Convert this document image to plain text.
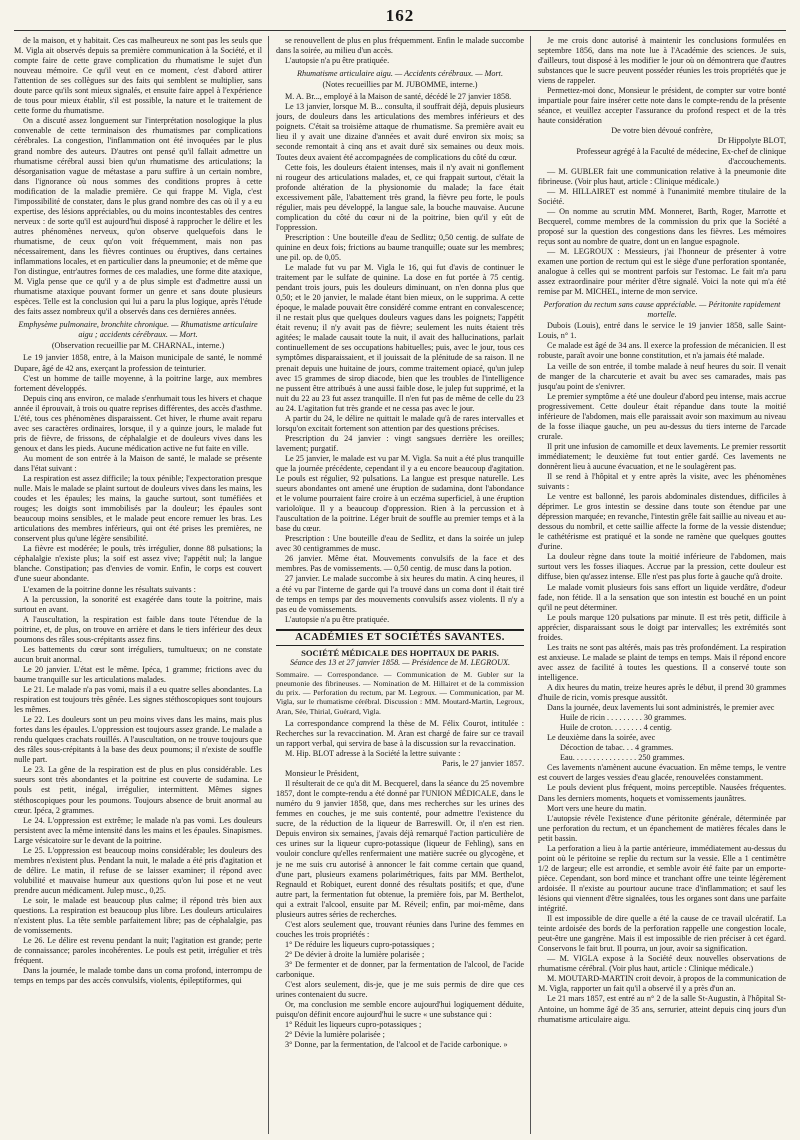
162

de la maison, et y habitait. Ces cas malheureux ne sont pas les seuls que M. Vigla ait observés depuis sa première communication à la Société, et il compte faire de cette grave complication du rhumatisme le sujet d'un nouveau mémoire. Ce qu'il veut en ce moment, c'est d'abord attirer l'attention de ses collègues sur des faits qui semblent se multiplier, sans doute parce qu'ils sont mieux signalés, et ensuite faire appel à l'expérience de tous pour mieux établir, s'il est possible, la nature et le traitement de cette forme du rhumatisme.

On a discuté assez longuement sur l'interprétation nosologique la plus convenable de cette terminaison des rhumatismes par complications cérébrales. La congestion, l'inflammation ont été invoquées par le plus grand nombre des auteurs. D'autres ont pensé qu'il fallait admettre un rhumatisme cérébral aussi bien qu'un rhumatisme des articulations; la désorganisation vague de métastase a paru suffire à un certain nombre, dans l'ignorance où nous sommes des conditions propres à cette modification de la maladie première. Ce qui frappe M. Vigla, c'est l'impossibilité de constater, dans le plus grand nombre des cas où il y a eu expertise, des lésions appréciables, ou du moins incontestables des centres nerveux : de sorte qu'il est aujourd'hui disposé à rapprocher le délire et les autres phénomènes nerveux, qu'on observe quelquefois dans le rhumatisme, de ceux qu'on voit fréquemment, mais non pas nécessairement, dans les fièvres continues ou éruptives, dans certaines inflammations locales, et en particulier dans la pneumonie; et de même que l'on distingue, entr'autres formes de ces maladies, une forme dite ataxique, M. Vigla pense que ce qu'il y a de plus simple est d'admettre aussi un rhumatisme ataxique pouvant former un genre et sans doute plusieurs espèces. Telle est la conclusion qui lui a paru la plus logique, après l'étude des faits assez nombreux qu'il a observés dans ces dernières années.

Emphysème pulmonaire, bronchite chronique. — Rhumatisme articulaire aigu ; accidents cérébraux. — Mort.

(Observation recueillie par M. CHARNAL, interne.)

Le 19 janvier 1858, entre, à la Maison municipale de santé, le nommé Dupare, âgé de 42 ans, exerçant la profession de teinturier.

C'est un homme de taille moyenne, à la poitrine large, aux membres fortement développés.

Depuis cinq ans environ, ce malade s'enrhumait tous les hivers et chaque année il éprouvait, à trois ou quatre reprises différentes, des accès d'asthme. L'été, tous ces phénomènes disparaissent. Cet hiver, le rhume avait reparu avec ses caractères ordinaires, lorsque, il y a quinze jours, le malade fut pris de fièvre, de frissons, de céphalalgie et de douleurs vives dans les genoux et dans les pieds. Aucune médication active ne fut faite en ville.

Au moment de son entrée à la Maison de santé, le malade se présente dans l'état suivant :

La respiration est assez difficile; la toux pénible; l'expectoration presque nulle. Mais le malade se plaint surtout de douleurs vives dans les mains, les coudes et les épaules; les mains, la gauche surtout, sont tuméfiées et rouges; les doigts sont immobilisés par la douleur; les épaules sont beaucoup moins sensibles, et le malade peut encore remuer les bras. Les articulations des membres inférieurs, qui ont été prises les premières, ne conservent plus qu'une légère sensibilité.

La fièvre est modérée; le pouls, très irrégulier, donne 88 pulsations; la céphalalgie n'existe plus; la soif est assez vive; l'appétit nul; la langue blanche. Constipation; pas d'envies de vomir. Enfin, le corps est couvert d'une sueur abondante.

L'examen de la poitrine donne les résultats suivants :

A la percussion, la sonorité est exagérée dans toute la poitrine, mais surtout en avant.

A l'auscultation, la respiration est faible dans toute l'étendue de la poitrine, et, de plus, on trouve en arrière et dans le tiers inférieur des deux poumons des râles sous-crépitants assez fins.

Les battements du cœur sont irréguliers, tumultueux; on ne constate aucun bruit anormal.

Le 20 janvier. L'état est le même. Ipéca, 1 gramme; frictions avec du baume tranquille sur les articulations malades.

Le 21. Le malade n'a pas vomi, mais il a eu quatre selles abondantes. La respiration est toujours très gênée. Les signes stéthoscopiques sont toujours les mêmes.

Le 22. Les douleurs sont un peu moins vives dans les mains, mais plus fortes dans les épaules. L'oppression est toujours assez grande. Le malade a rendu quelques crachats rouillés. A l'auscultation, on ne trouve toujours que des râles sous-crépitants à la base des deux poumons; il n'existe de souffle nulle part.

Le 23. La gêne de la respiration est de plus en plus considérable. Les sueurs sont très abondantes et la poitrine est couverte de sudamina. Le pouls est petit, inégal, irrégulier, intermittent. Mêmes signes stéthoscopiques pour les poumons. Toujours absence de bruit anormal au cœur. Ipéca, 2 grammes.

Le 24. L'oppression est extrême; le malade n'a pas vomi. Les douleurs persistent avec la même intensité dans les mains et les épaules. Sinapismes. Large vésicatoire sur le devant de la poitrine.

Le 25. L'oppression est beaucoup moins considérable; les douleurs des membres n'existent plus. Pendant la nuit, le malade a été pris d'agitation et de délire. Le matin, il refuse de se laisser examiner; il répond avec volubilité et mauvaise humeur aux questions qu'on lui pose et ne veut prendre aucun médicament. Julep musc., 0,25.

Le soir, le malade est beaucoup plus calme; il répond très bien aux questions. La respiration est beaucoup plus libre. Les douleurs articulaires n'existent plus. La tête semble parfaitement libre; pas de céphalalgie, pas de vomissements.

Le 26. Le délire est revenu pendant la nuit; l'agitation est grande; perte de connaissance; paroles incohérentes. Le pouls est petit, irrégulier et très fréquent.

Dans la journée, le malade tombe dans un coma profond, interrompu de temps en temps par des accès convulsifs, violents, épileptiformes, qui

se renouvellent de plus en plus fréquemment. Enfin le malade succombe dans la soirée, au milieu d'un accès.

L'autopsie n'a pu être pratiquée.

Rhumatisme articulaire aigu. — Accidents cérébraux. — Mort.

(Notes recueillies par M. JUBOMME, interne.)

M. A. Br..., employé à la Maison de santé, décédé le 27 janvier 1858.

Le 13 janvier, lorsque M. B... consulta, il souffrait déjà, depuis plusieurs jours, de douleurs dans les articulations des membres inférieurs et des poignets. C'était sa troisième attaque de rhumatisme. Sa première avait eu lieu il y avait une dizaine d'années et avait duré environ six mois; sa seconde remontait à cinq ans et avait duré six semaines ou deux mois. Toutes deux avaient été accompagnées de complications du côté du cœur.

Cette fois, les douleurs étaient intenses, mais il n'y avait ni gonflement ni rougeur des articulations malades, et, ce qui frappait surtout, c'était la profonde altération de la physionomie du malade; la face était excessivement pâle, l'abattement très grand, la fièvre peu forte, le pouls régulier, mais peu développé, la langue sale, la bouche mauvaise. Aucune complication du côté du cœur ni de la poitrine, bien qu'il y eût de l'oppression.

Prescription : Une bouteille d'eau de Sedlitz; 0,50 centig. de sulfate de quinine en deux fois; frictions au baume tranquille; ouate sur les membres; une pil. op. de 0,05.

Le malade fut vu par M. Vigla le 16, qui fut d'avis de continuer le traitement par le sulfate de quinine. La dose en fut portée à 75 centig. pendant trois jours, puis les douleurs diminuant, on n'en donna plus que 0,50; et le 20 janvier, le malade étant bien mieux, on le supprima. A cette époque, le malade pouvait être considéré comme entrant en convalescence; il ne restait plus que quelques douleurs vagues dans les poignets; l'appétit était revenu; il n'y avait pas de fièvre; seulement les nuits étaient très agitées; le malade causait toute la nuit, il avait des hallucinations, parlait continuellement de ses occupations habituelles; puis, avec le jour, tous ces symptômes disparaissaient, et il jouissait de la plénitude de sa raison. Il ne prenait depuis une huitaine de jours, comme traitement opiacé, qu'un julep avec 15 grammes de sirop diacode, bien que les troubles de l'intelligence ne pussent être attribués à une aussi faible dose, le julep fut supprimé, et la nuit du 22 au 23 fut assez tranquille. Il n'en fut pas de même de celle du 23 au 24. L'agitation fut très grande et ne cessa pas avec le jour.

A partir du 24, le délire ne quittait le malade qu'à de rares intervalles et lorsqu'on excitait fortement son attention par des questions précises.

Prescription du 24 janvier : vingt sangsues derrière les oreilles; lavement; purgatif.

Le 25 janvier, le malade est vu par M. Vigla. Sa nuit a été plus tranquille que la journée précédente, cependant il y a eu encore beaucoup d'agitation. Le pouls est régulier, 92 pulsations. La langue est presque naturelle. Les sueurs abondantes ont amené une éruption de sudamina, dont l'abondance et le volume pourraient faire croire à un eczéma superficiel, à une éruption varioloïque. Il y a beaucoup d'oppression. Rien à la percussion et à l'auscultation de la poitrine. Léger bruit de souffle au premier temps et à la base du cœur.

Prescription : Une bouteille d'eau de Sedlitz, et dans la soirée un julep avec 30 centigrammes de musc.

26 janvier. Même état. Mouvements convulsifs de la face et des membres. Pas de vomissements. — 0,50 centig. de musc dans la potion.

27 janvier. Le malade succombe à six heures du matin. A cinq heures, il a été vu par l'interne de garde qui l'a trouvé dans un coma dont il était tiré de temps en temps par des mouvements convulsifs assez violents. Il n'y a pas eu de vomissements.

L'autopsie n'a pu être pratiquée.

ACADÉMIES ET SOCIÉTÉS SAVANTES.

SOCIÉTÉ MÉDICALE DES HOPITAUX DE PARIS.

Séance des 13 et 27 janvier 1858. — Présidence de M. LEGROUX.

Sommaire. — Correspondance. — Communication de M. Gubler sur la pneumonie des fibrineuses. — Nomination de M. Hillairet et de la commission du prix. — Perforation du rectum, par M. Legroux. — Communication, par M. Vigla, sur le rhumatisme cérébral. Discussion : MM. Moutard-Martin, Legroux, Aran, Sée, Thirial, Guérard, Vigla.

La correspondance comprend la thèse de M. Félix Courot, intitulée : Recherches sur la revaccination. M. Aran est chargé de faire sur ce travail un rapport verbal, qui servira de base à la discussion sur la revaccination.

M. Hip. BLOT adresse à la Société la lettre suivante :

Paris, le 27 janvier 1857.

Monsieur le Président,

Il résulterait de ce qu'a dit M. Becquerel, dans la séance du 25 novembre 1857, dont le compte-rendu a été donné par l'UNION MÉDICALE, dans le numéro du 9 janvier 1858, que, dans mes recherches sur les urines des femmes en couches, je me suis contenté, pour admettre l'existence du sucre, de la réduction de la liqueur de Barreswill. Or, il n'en est rien. Depuis environ six semaines, j'avais déjà remarqué l'action particulière de ces urines sur la liqueur cupro-potassique (liqueur de Fehling), sans en vouloir conclure qu'elles renfermaient une matière sucrée ou glycogène, et je ne me suis cru autorisé à annoncer le fait comme certain que quand, d'une part, plusieurs examens polarimétriques, faits par MM. Berthelot, Regnauld et Robiquet, eurent donné des résultats positifs; et que, d'une autre part, la fermentation fut obtenue, la première fois, par M. Berthelot, qui a extrait l'alcool, ensuite par M. Réveil; enfin, par moi-même, dans plusieurs autres séries de recherches.

C'est alors seulement que, trouvant réunies dans l'urine des femmes en couches les trois propriétés :

1° De réduire les liqueurs cupro-potassiques ;

2° De dévier à droite la lumière polarisée ;

3° De fermenter et de donner, par la fermentation de l'alcool, de l'acide carbonique.

C'est alors seulement, dis-je, que je me suis permis de dire que ces urines contenaient du sucre.

Or, ma conclusion me semble encore aujourd'hui logiquement déduite, puisqu'on définit encore aujourd'hui le sucre « une substance qui :

1° Réduit les liqueurs cupro-potassiques ;

2° Dévie la lumière polarisée ;

3° Donne, par la fermentation, de l'alcool et de l'acide carbonique. »

Je me crois donc autorisé à maintenir les conclusions formulées en septembre 1856, dans ma note lue à l'Académie des sciences. Je suis, d'ailleurs, tout disposé à les modifier le jour où on démontrera que d'autres substances que le sucre peuvent posséder réunies les trois propriétés que je viens de rappeler.

Permettez-moi donc, Monsieur le président, de compter sur votre bonté impartiale pour faire insérer cette note dans le compte-rendu de la présente séance, et veuillez accepter l'assurance du profond respect et de la très haute considération

De votre bien dévoué confrère,

Dr Hippolyte BLOT,

Professeur agrégé à la Faculté de médecine, Ex-chef de clinique d'accouchements.

— M. GUBLER fait une communication relative à la pneumonie dite fibrineuse. (Voir plus haut, article : Clinique médicale.)

— M. HILLAIRET est nommé à l'unanimité membre titulaire de la Société.

— On nomme au scrutin MM. Monneret, Barth, Roger, Marrotte et Becquerel, comme membres de la commission du prix que la Société a proposé sur la question des congestions dans les fièvres. Les mémoires reçus sont au nombre de quatre, dont un en langue espagnole.

— M. LEGROUX : Messieurs, j'ai l'honneur de présenter à votre examen une portion de rectum qui est le siège d'une perforation spontanée, analogue à celles qui se montrent parfois sur l'estomac. Le fait m'a paru assez extraordinaire pour mériter d'être signalé. Voici la note qui m'a été remise par M. MICHEL, interne de mon service.

Perforation du rectum sans cause appréciable. — Péritonite rapidement mortelle.

Dubois (Louis), entré dans le service le 19 janvier 1858, salle Saint-Louis, n° 1.

Ce malade est âgé de 34 ans. Il exerce la profession de mécanicien. Il est robuste, paraît avoir une bonne constitution, et n'a jamais été malade.

La veille de son entrée, il tombe malade à neuf heures du soir. Il venait de manger de la charcuterie et avait bu avec ses camarades, mais pas jusqu'au point de s'enivrer.

Le premier symptôme a été une douleur d'abord peu intense, mais accrue progressivement. Cette douleur était répandue dans toute la moitié inférieure de l'abdomen, mais elle paraissait avoir son maximum au niveau de la fosse iliaque gauche, un peu au-dessus du tiers interne de l'arcade crurale.

Il prit une infusion de camomille et deux lavements. Le premier ressortit immédiatement; le deuxième fut tout entier gardé. Ces lavements ne donnèrent lieu à aucune évacuation, et ne le soulagèrent pas.

Il se rend à l'hôpital et y entre après la visite, avec les phénomènes suivants :

Le ventre est ballonné, les parois abdominales distendues, difficiles à déprimer. Le gros intestin se dessine dans toute son étendue par une dépression marquée; en revanche, l'intestin grêle fait saillie au niveau et au-dessous du nombril, et cette saillie affecte la forme de la vessie distendue; le cathétérisme est pratiqué et la sonde ne ramène que quelques gouttes d'urine.

La douleur règne dans toute la moitié inférieure de l'abdomen, mais surtout vers les fosses iliaques. Accrue par la pression, cette douleur est diffuse, bien qu'assez intense. Elle n'est pas plus forte à gauche qu'à droite.

Le malade vomit plusieurs fois sans effort un liquide verdâtre, d'odeur fade, non fétide. Il a la sensation que son intestin est bouché en un point qu'il ne peut déterminer.

Le pouls marque 120 pulsations par minute. Il est très petit, difficile à apprécier, disparaissant sous le doigt par intervalles; les extrémités sont froides.

Les traits ne sont pas altérés, mais pas très profondément. La respiration est anxieuse. Le malade se plaint de temps en temps. Mais il répond encore avec assez de facilité à toutes les questions. Il a conservé toute son intelligence.

A dix heures du matin, treize heures après le début, il prend 30 grammes d'huile de ricin, vomis presque aussitôt.

Dans la journée, deux lavements lui sont administrés, le premier avec

Huile de ricin . . . . . . . . . 30 grammes.

Huile de croton. . . . . . . . 4 centig.

Le deuxième dans la soirée, avec

Décoction de tabac. . . 4 grammes.

Eau. . . . . . . . . . . . . . . . 250 grammes.

Ces lavements n'amènent aucune évacuation. En même temps, le ventre est couvert de larges vessies d'eau glacée, renouvelées constamment.

Le pouls devient plus fréquent, moins perceptible. Nausées fréquentes. Dans les derniers moments, hoquets et vomissements jaunâtres.

Mort vers une heure du matin.

L'autopsie révèle l'existence d'une péritonite générale, déterminée par une perforation du rectum, et un épanchement de matières fécales dans le petit bassin.

La perforation a lieu à la partie antérieure, immédiatement au-dessus du point où le péritoine se replie du rectum sur la vessie. Elle a 1 centimètre 1/2 de largeur; elle est arrondie, et semble avoir été faite par un emporte-pièce. Cependant, son bord mince et tranchant offre une teinte légèrement ardoisée. Il n'existe au pourtour aucune trace d'inflammation; et sauf les lésions qui viennent d'être signalées, tous les organes sont dans une parfaite intégrité.

Il est impossible de dire quelle a été la cause de ce travail ulcératif. La teinte ardoisée des bords de la perforation rappelle une congestion locale, peut-être une gangrène. Mais il est impossible de rien préciser à cet égard. Conservons le fait brut. Il pourra, un jour, avoir sa signification.

— M. VIGLA expose à la Société deux nouvelles observations de rhumatisme cérébral. (Voir plus haut, article : Clinique médicale.)

M. MOUTARD-MARTIN croit devoir, à propos de la communication de M. Vigla, rapporter un fait qu'il a observé il y a près d'un an.

Le 21 mars 1857, est entré au n° 2 de la salle St-Augustin, à l'hôpital St-Antoine, un homme âgé de 35 ans, serrurier, atteint depuis cinq jours d'un rhumatisme articulaire aigu.
